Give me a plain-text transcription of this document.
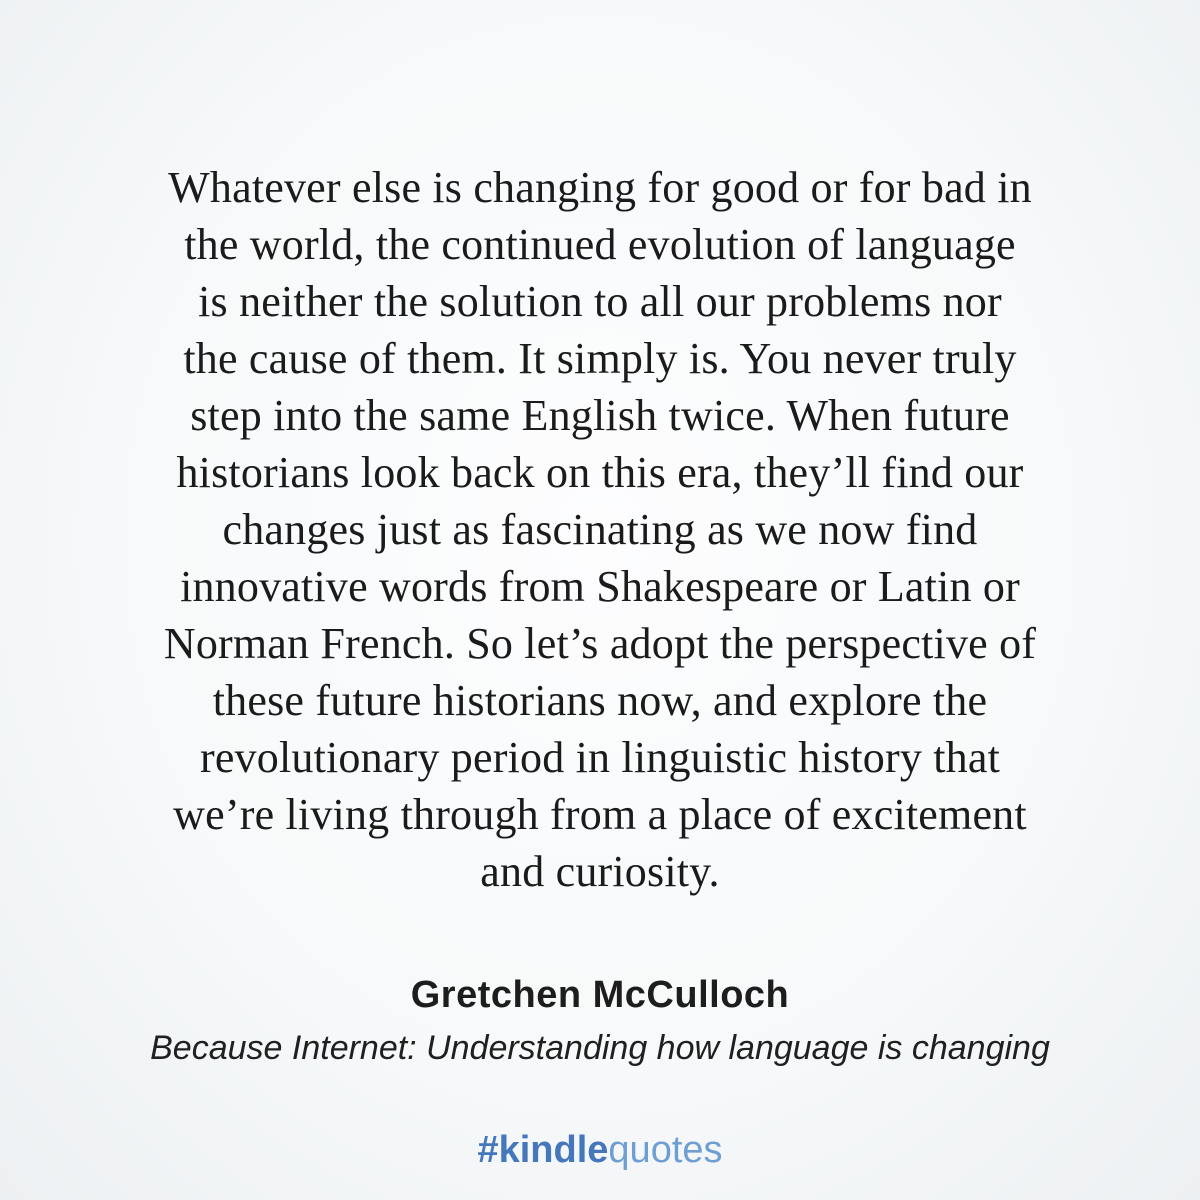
Whatever else is changing for good or for bad in
the world, the continued evolution of language
is neither the solution to all our problems nor
the cause of them. It simply is. You never truly
step into the same English twice. When future
historians look back on this era, they’ll find our
changes just as fascinating as we now find
innovative words from Shakespeare or Latin or
Norman French. So let’s adopt the perspective of
these future historians now, and explore the
revolutionary period in linguistic history that
we’re living through from a place of excitement
and curiosity.
Gretchen McCulloch
Because Internet: Understanding how language is changing
#kindlequotes
